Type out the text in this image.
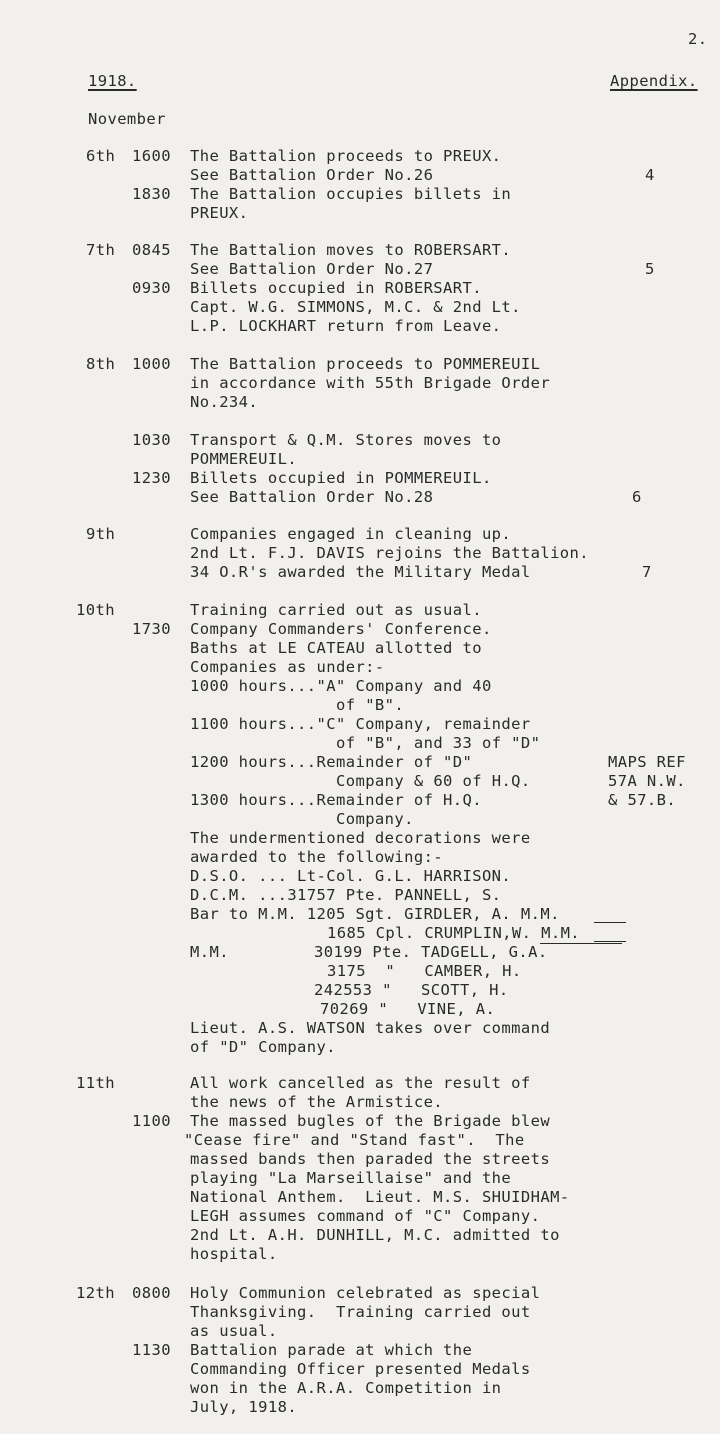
2.
1918.	Appendix.
November
6th 1600 The Battalion proceeds to PREUX.
See Battalion Order No.26	4
1830 The Battalion occupies billets in
PREUX.
7th 0845 The Battalion moves to ROBERSART.
See Battalion Order No.27	5
0930 Billets occupied in ROBERSART.
Capt. W.G. SIMMONS, M.C. & 2nd Lt.
L.P. LOCKHART return from Leave.
8th 1000 The Battalion proceeds to POMMEREUIL
in accordance with 55th Brigade Order
No.234.
1030 Transport & Q.M. Stores moves to
POMMEREUIL.
1230 Billets occupied in POMMEREUIL.
See Battalion Order No.28	6
9th	Companies engaged in cleaning up.
2nd Lt. F.J. DAVIS rejoins the Battalion.
34 O.R's awarded the Military Medal	7
10th	Training carried out as usual.
1730 Company Commanders' Conference.
Baths at LE CATEAU allotted to
Companies as under:-
1000 hours..."A" Company and 40
of "B".
1100 hours..."C" Company, remainder
of "B", and 33 of "D"
1200 hours...Remainder of "D"	MAPS REF
Company & 60 of H.Q.	57A N.W.
1300 hours...Remainder of H.Q.	& 57.B.
Company.
The undermentioned decorations were
awarded to the following:-
D.S.O. ... Lt-Col. G.L. HARRISON.
D.C.M. ...31757 Pte. PANNELL, S.
Bar to M.M. 1205 Sgt. GIRDLER, A. M.M.
1685 Cpl. CRUMPLIN,W. M.M.
M.M.	30199 Pte. TADGELL, G.A.
3175  "   CAMBER, H.
242553 "   SCOTT, H.
70269 "   VINE, A.
Lieut. A.S. WATSON takes over command
of "D" Company.
11th	All work cancelled as the result of
the news of the Armistice.
1100 The massed bugles of the Brigade blew
"Cease fire" and "Stand fast".  The
massed bands then paraded the streets
playing "La Marseillaise" and the
National Anthem.  Lieut. M.S. SHUIDHAM-
LEGH assumes command of "C" Company.
2nd Lt. A.H. DUNHILL, M.C. admitted to
hospital.
12th 0800 Holy Communion celebrated as special
Thanksgiving.  Training carried out
as usual.
1130 Battalion parade at which the
Commanding Officer presented Medals
won in the A.R.A. Competition in
July, 1918.
